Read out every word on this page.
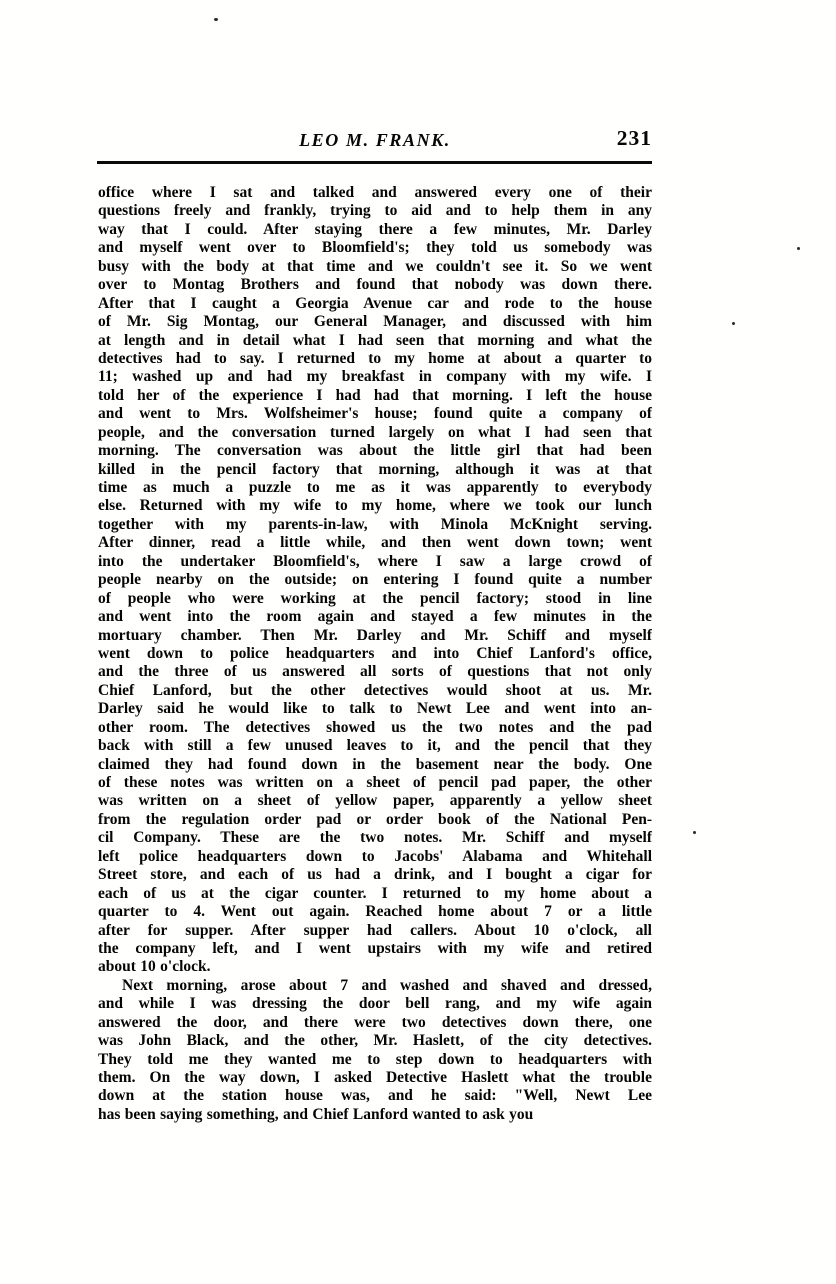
LEO M. FRANK.	231
office where I sat and talked and answered every one of their
questions freely and frankly, trying to aid and to help them in any
way that I could. After staying there a few minutes, Mr. Darley
and myself went over to Bloomfield's; they told us somebody was
busy with the body at that time and we couldn't see it. So we went
over to Montag Brothers and found that nobody was down there.
After that I caught a Georgia Avenue car and rode to the house
of Mr. Sig Montag, our General Manager, and discussed with him
at length and in detail what I had seen that morning and what the
detectives had to say. I returned to my home at about a quarter to
11; washed up and had my breakfast in company with my wife. I
told her of the experience I had had that morning. I left the house
and went to Mrs. Wolfsheimer's house; found quite a company of
people, and the conversation turned largely on what I had seen that
morning. The conversation was about the little girl that had been
killed in the pencil factory that morning, although it was at that
time as much a puzzle to me as it was apparently to everybody
else. Returned with my wife to my home, where we took our lunch
together with my parents-in-law, with Minola McKnight serving.
After dinner, read a little while, and then went down town; went
into the undertaker Bloomfield's, where I saw a large crowd of
people nearby on the outside; on entering I found quite a number
of people who were working at the pencil factory; stood in line
and went into the room again and stayed a few minutes in the
mortuary chamber. Then Mr. Darley and Mr. Schiff and myself
went down to police headquarters and into Chief Lanford's office,
and the three of us answered all sorts of questions that not only
Chief Lanford, but the other detectives would shoot at us. Mr.
Darley said he would like to talk to Newt Lee and went into an-
other room. The detectives showed us the two notes and the pad
back with still a few unused leaves to it, and the pencil that they
claimed they had found down in the basement near the body. One
of these notes was written on a sheet of pencil pad paper, the other
was written on a sheet of yellow paper, apparently a yellow sheet
from the regulation order pad or order book of the National Pen-
cil Company. These are the two notes. Mr. Schiff and myself
left police headquarters down to Jacobs' Alabama and Whitehall
Street store, and each of us had a drink, and I bought a cigar for
each of us at the cigar counter. I returned to my home about a
quarter to 4. Went out again. Reached home about 7 or a little
after for supper. After supper had callers. About 10 o'clock, all
the company left, and I went upstairs with my wife and retired
about 10 o'clock.
Next morning, arose about 7 and washed and shaved and dressed,
and while I was dressing the door bell rang, and my wife again
answered the door, and there were two detectives down there, one
was John Black, and the other, Mr. Haslett, of the city detectives.
They told me they wanted me to step down to headquarters with
them. On the way down, I asked Detective Haslett what the trouble
down at the station house was, and he said: "Well, Newt Lee
has been saying something, and Chief Lanford wanted to ask you
